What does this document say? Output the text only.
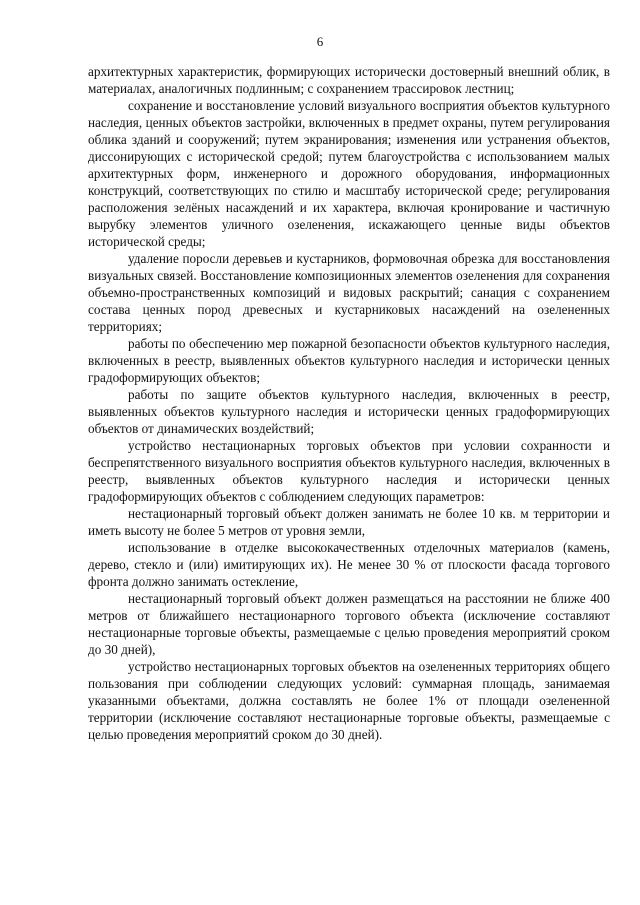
6

архитектурных характеристик, формирующих исторически достоверный внешний облик, в материалах, аналогичных подлинным; с сохранением трассировок лестниц;

сохранение и восстановление условий визуального восприятия объектов культурного наследия, ценных объектов застройки, включенных в предмет охраны, путем регулирования облика зданий и сооружений; путем экранирования; изменения или устранения объектов, диссонирующих с исторической средой; путем благоустройства с использованием малых архитектурных форм, инженерного и дорожного оборудования, информационных конструкций, соответствующих по стилю и масштабу исторической среде; регулирования расположения зелёных насаждений и их характера, включая кронирование и частичную вырубку элементов уличного озеленения, искажающего ценные виды объектов исторической среды;

удаление поросли деревьев и кустарников, формовочная обрезка для восстановления визуальных связей. Восстановление композиционных элементов озеленения для сохранения объемно-пространственных композиций и видовых раскрытий; санация с сохранением состава ценных пород древесных и кустарниковых насаждений на озелененных территориях;

работы по обеспечению мер пожарной безопасности объектов культурного наследия, включенных в реестр, выявленных объектов культурного наследия и исторически ценных градоформирующих объектов;

работы по защите объектов культурного наследия, включенных в реестр, выявленных объектов культурного наследия и исторически ценных градоформирующих объектов от динамических воздействий;

устройство нестационарных торговых объектов при условии сохранности и беспрепятственного визуального восприятия объектов культурного наследия, включенных в реестр, выявленных объектов культурного наследия и исторически ценных градоформирующих объектов с соблюдением следующих параметров:

нестационарный торговый объект должен занимать не более 10 кв. м территории и иметь высоту не более 5 метров от уровня земли,

использование в отделке высококачественных отделочных материалов (камень, дерево, стекло и (или) имитирующих их). Не менее 30 % от плоскости фасада торгового фронта должно занимать остекление,

нестационарный торговый объект должен размещаться на расстоянии не ближе 400 метров от ближайшего нестационарного торгового объекта (исключение составляют нестационарные торговые объекты, размещаемые с целью проведения мероприятий сроком до 30 дней),

устройство нестационарных торговых объектов на озелененных территориях общего пользования при соблюдении следующих условий: суммарная площадь, занимаемая указанными объектами, должна составлять не более 1% от площади озелененной территории (исключение составляют нестационарные торговые объекты, размещаемые с целью проведения мероприятий сроком до 30 дней).
